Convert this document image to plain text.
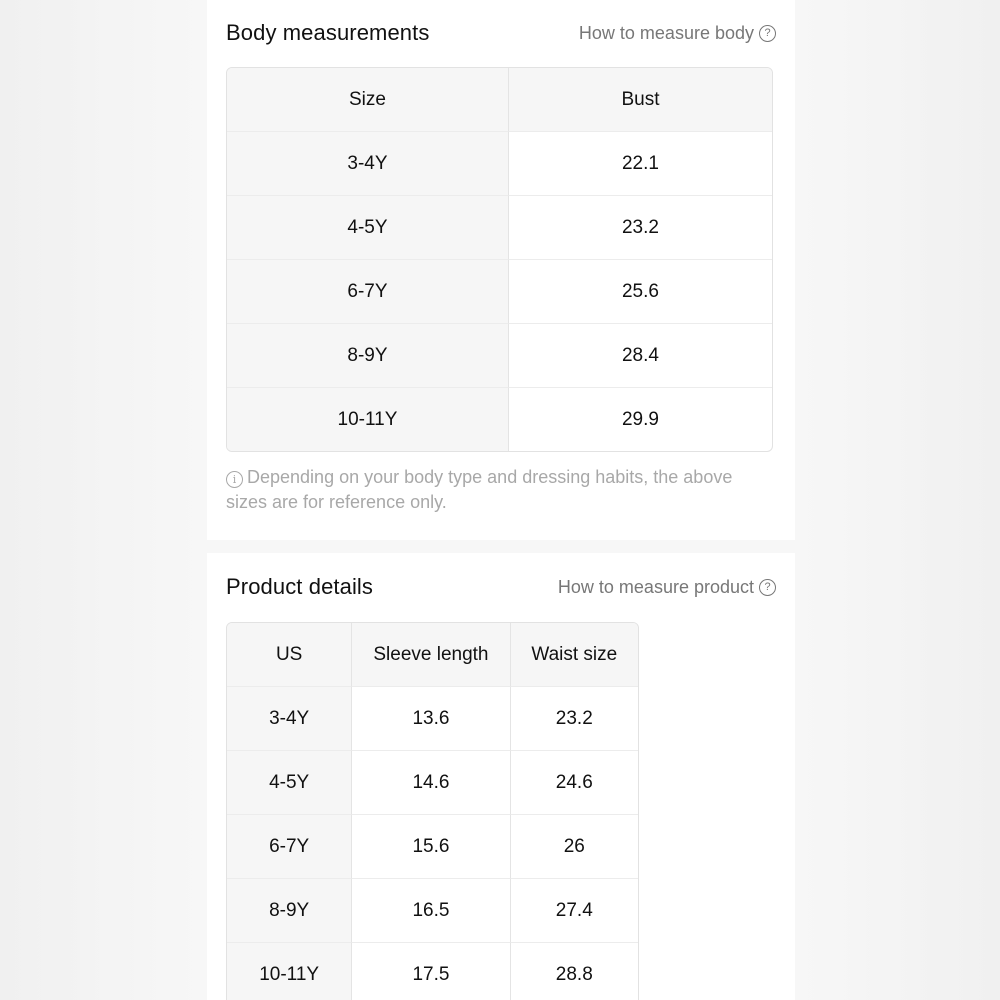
Body measurements	How to measure body ?
Size	Bust
3-4Y	22.1
4-5Y	23.2
6-7Y	25.6
8-9Y	28.4
10-11Y	29.9
i Depending on your body type and dressing habits, the above sizes are for reference only.
Product details	How to measure product ?
US	Sleeve length	Waist size
3-4Y	13.6	23.2
4-5Y	14.6	24.6
6-7Y	15.6	26
8-9Y	16.5	27.4
10-11Y	17.5	28.8
